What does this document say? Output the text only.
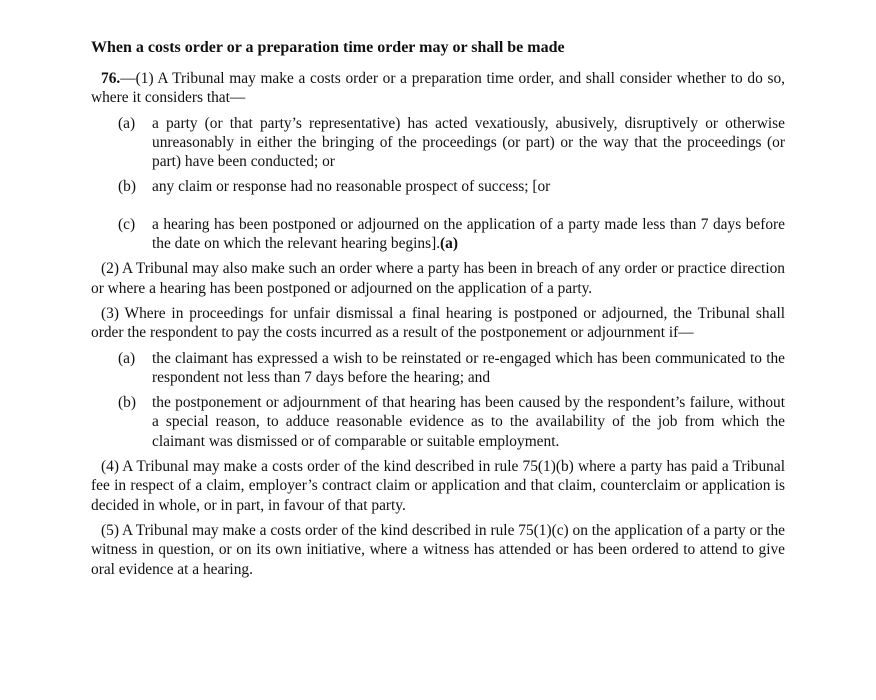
When a costs order or a preparation time order may or shall be made

76.—(1) A Tribunal may make a costs order or a preparation time order, and shall consider whether to do so, where it considers that—

(a)	a party (or that party’s representative) has acted vexatiously, abusively, disruptively or otherwise unreasonably in either the bringing of the proceedings (or part) or the way that the proceedings (or part) have been conducted; or
(b)	any claim or response had no reasonable prospect of success; [or
(c)	a hearing has been postponed or adjourned on the application of a party made less than 7 days before the date on which the relevant hearing begins].(a)

(2) A Tribunal may also make such an order where a party has been in breach of any order or practice direction or where a hearing has been postponed or adjourned on the application of a party.

(3) Where in proceedings for unfair dismissal a final hearing is postponed or adjourned, the Tribunal shall order the respondent to pay the costs incurred as a result of the postponement or adjournment if—

(a)	the claimant has expressed a wish to be reinstated or re-engaged which has been communicated to the respondent not less than 7 days before the hearing; and
(b)	the postponement or adjournment of that hearing has been caused by the respondent’s failure, without a special reason, to adduce reasonable evidence as to the availability of the job from which the claimant was dismissed or of comparable or suitable employment.

(4) A Tribunal may make a costs order of the kind described in rule 75(1)(b) where a party has paid a Tribunal fee in respect of a claim, employer’s contract claim or application and that claim, counterclaim or application is decided in whole, or in part, in favour of that party.

(5) A Tribunal may make a costs order of the kind described in rule 75(1)(c) on the application of a party or the witness in question, or on its own initiative, where a witness has attended or has been ordered to attend to give oral evidence at a hearing.
